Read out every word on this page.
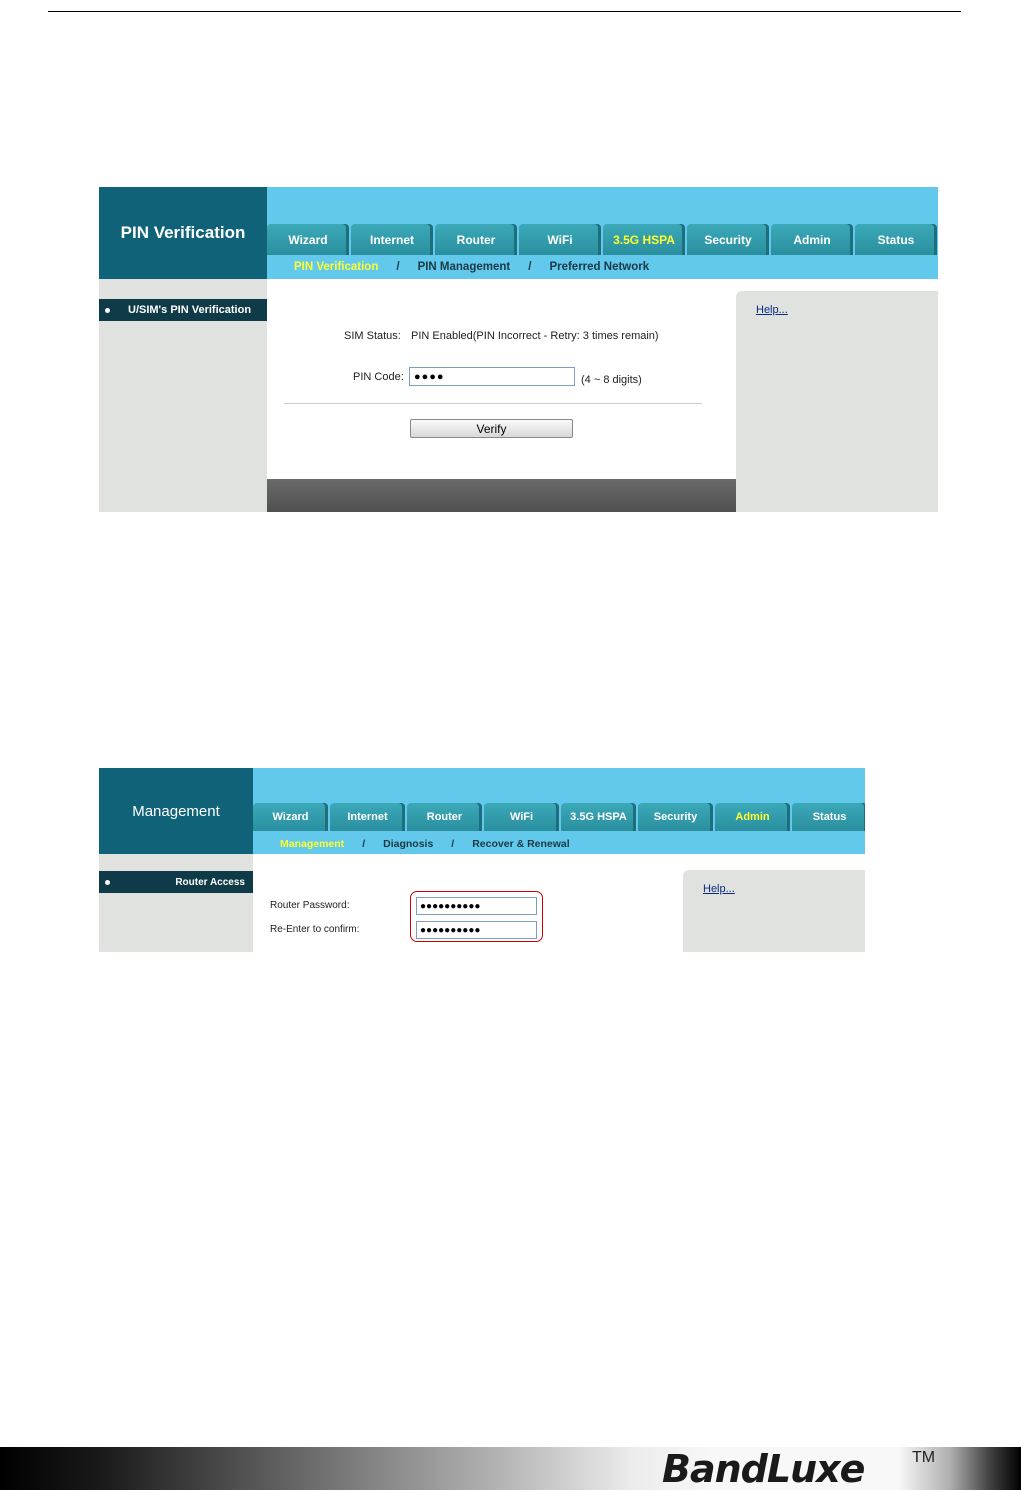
PIN Verification	Wizard	Internet	Router	WiFi	3.5G HSPA	Security	Admin	Status
PIN Verification / PIN Management / Preferred Network
U/SIM's PIN Verification	Help...
SIM Status: PIN Enabled(PIN Incorrect - Retry: 3 times remain)
PIN Code: ●●●●	(4 ~ 8 digits)
Verify
Management	Wizard	Internet	Router	WiFi	3.5G HSPA	Security	Admin	Status
Management / Diagnosis / Recover & Renewal
Router Access
Help...
Router Password:	●●●●●●●●●●
Re-Enter to confirm:	●●●●●●●●●●
BandLuxe	TM
